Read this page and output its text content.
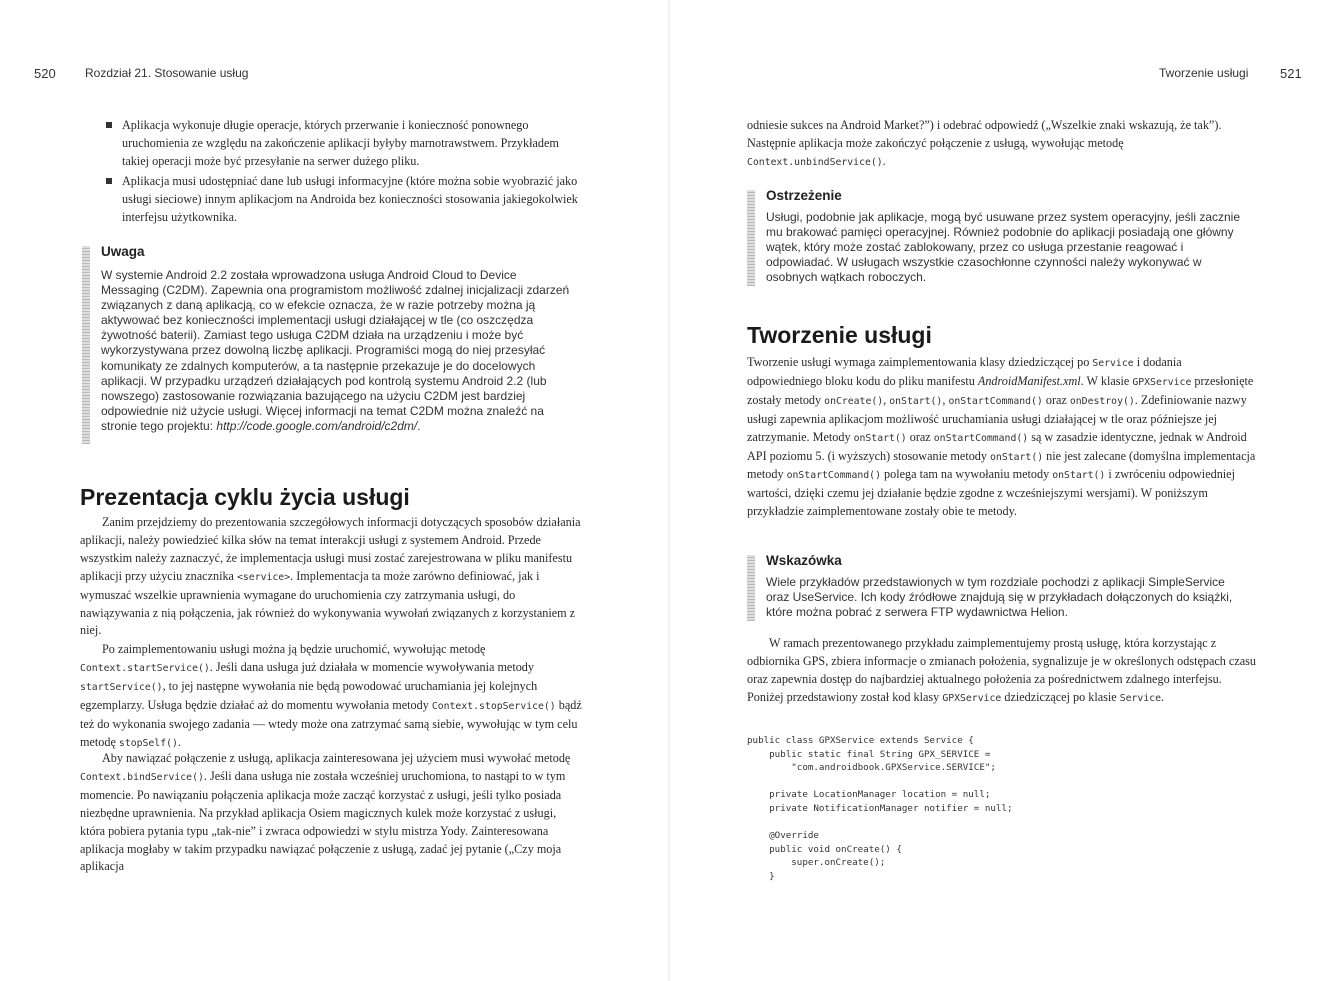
520 Rozdział 21. Stosowanie usług
Aplikacja wykonuje długie operacje, których przerwanie i konieczność ponownego uruchomienia ze względu na zakończenie aplikacji byłyby marnotrawstwem. Przykładem takiej operacji może być przesyłanie na serwer dużego pliku.
Aplikacja musi udostępniać dane lub usługi informacyjne (które można sobie wyobrazić jako usługi sieciowe) innym aplikacjom na Androida bez konieczności stosowania jakiegokolwiek interfejsu użytkownika.
Uwaga
W systemie Android 2.2 została wprowadzona usługa Android Cloud to Device Messaging (C2DM). Zapewnia ona programistom możliwość zdalnej inicjalizacji zdarzeń związanych z daną aplikacją, co w efekcie oznacza, że w razie potrzeby można ją aktywować bez konieczności implementacji usługi działającej w tle (co oszczędza żywotność baterii). Zamiast tego usługa C2DM działa na urządzeniu i może być wykorzystywana przez dowolną liczbę aplikacji. Programiści mogą do niej przesyłać komunikaty ze zdalnych komputerów, a ta następnie przekazuje je do docelowych aplikacji. W przypadku urządzeń działających pod kontrolą systemu Android 2.2 (lub nowszego) zastosowanie rozwiązania bazującego na użyciu C2DM jest bardziej odpowiednie niż użycie usługi. Więcej informacji na temat C2DM można znaleźć na stronie tego projektu: http://code.google.com/android/c2dm/.
Prezentacja cyklu życia usługi

Zanim przejdziemy do prezentowania szczegółowych informacji dotyczących sposobów działania aplikacji, należy powiedzieć kilka słów na temat interakcji usługi z systemem Android. Przede wszystkim należy zaznaczyć, że implementacja usługi musi zostać zarejestrowana w pliku manifestu aplikacji przy użyciu znacznika <service>. Implementacja ta może zarówno definiować, jak i wymuszać wszelkie uprawnienia wymagane do uruchomienia czy zatrzymania usługi, do nawiązywania z nią połączenia, jak również do wykonywania wywołań związanych z korzystaniem z niej.

Po zaimplementowaniu usługi można ją będzie uruchomić, wywołując metodę Context.startService(). Jeśli dana usługa już działała w momencie wywoływania metody startService(), to jej następne wywołania nie będą powodować uruchamiania jej kolejnych egzemplarzy. Usługa będzie działać aż do momentu wywołania metody Context.stopService() bądź też do wykonania swojego zadania — wtedy może ona zatrzymać samą siebie, wywołując w tym celu metodę stopSelf().

Aby nawiązać połączenie z usługą, aplikacja zainteresowana jej użyciem musi wywołać metodę Context.bindService(). Jeśli dana usługa nie została wcześniej uruchomiona, to nastąpi to w tym momencie. Po nawiązaniu połączenia aplikacja może zacząć korzystać z usługi, jeśli tylko posiada niezbędne uprawnienia. Na przykład aplikacja Osiem magicznych kulek może korzystać z usługi, która pobiera pytania typu „tak-nie” i zwraca odpowiedzi w stylu mistrza Yody. Zainteresowana aplikacja mogłaby w takim przypadku nawiązać połączenie z usługą, zadać jej pytanie („Czy moja aplikacja

Tworzenie usługi 521

odniesie sukces na Android Market?”) i odebrać odpowiedź („Wszelkie znaki wskazują, że tak”). Następnie aplikacja może zakończyć połączenie z usługą, wywołując metodę Context.unbindService().

Ostrzeżenie
Usługi, podobnie jak aplikacje, mogą być usuwane przez system operacyjny, jeśli zacznie mu brakować pamięci operacyjnej. Również podobnie do aplikacji posiadają one główny wątek, który może zostać zablokowany, przez co usługa przestanie reagować i odpowiadać. W usługach wszystkie czasochłonne czynności należy wykonywać w osobnych wątkach roboczych.
Tworzenie usługi

Tworzenie usługi wymaga zaimplementowania klasy dziedziczącej po Service i dodania odpowiedniego bloku kodu do pliku manifestu AndroidManifest.xml. W klasie GPXService przesłonięte zostały metody onCreate(), onStart(), onStartCommand() oraz onDestroy(). Zdefiniowanie nazwy usługi zapewnia aplikacjom możliwość uruchamiania usługi działającej w tle oraz późniejsze jej zatrzymanie. Metody onStart() oraz onStartCommand() są w zasadzie identyczne, jednak w Android API poziomu 5. (i wyższych) stosowanie metody onStart() nie jest zalecane (domyślna implementacja metody onStartCommand() polega tam na wywołaniu metody onStart() i zwróceniu odpowiedniej wartości, dzięki czemu jej działanie będzie zgodne z wcześniejszymi wersjami). W poniższym przykładzie zaimplementowane zostały obie te metody.

Wskazówka
Wiele przykładów przedstawionych w tym rozdziale pochodzi z aplikacji SimpleService oraz UseService. Ich kody źródłowe znajdują się w przykładach dołączonych do książki, które można pobrać z serwera FTP wydawnictwa Helion.

W ramach prezentowanego przykładu zaimplementujemy prostą usługę, która korzystając z odbiornika GPS, zbiera informacje o zmianach położenia, sygnalizuje je w określonych odstępach czasu oraz zapewnia dostęp do najbardziej aktualnego położenia za pośrednictwem zdalnego interfejsu. Poniżej przedstawiony został kod klasy GPXService dziedziczącej po klasie Service.

public class GPXService extends Service {
public static final String GPX_SERVICE =
"com.androidbook.GPXService.SERVICE";

private LocationManager location = null;
private NotificationManager notifier = null;

@Override
public void onCreate() {
super.onCreate();
}
